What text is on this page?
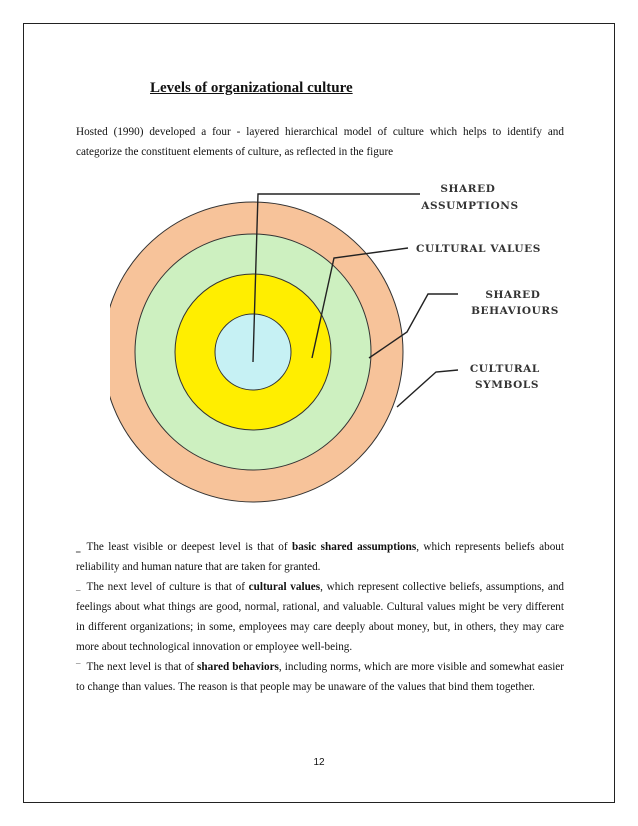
Levels of organizational culture
Hosted (1990) developed a four - layered hierarchical model of culture which helps to identify and categorize the constituent elements of culture, as reflected in the figure
SHARED ASSUMPTIONS
CULTURAL VALUES
SHARED BEHAVIOURS
CULTURAL SYMBOLS

‗ The least visible or deepest level is that of basic shared assumptions, which represents beliefs about reliability and human nature that are taken for granted.

_ The next level of culture is that of cultural values, which represent collective beliefs, assumptions, and feelings about what things are good, normal, rational, and valuable. Cultural values might be very different in different organizations; in some, employees may care deeply about money, but, in others, they may care more about technological innovation or employee well-being.

¯ The next level is that of shared behaviors, including norms, which are more visible and somewhat easier to change than values. The reason is that people may be unaware of the values that bind them together.

12
